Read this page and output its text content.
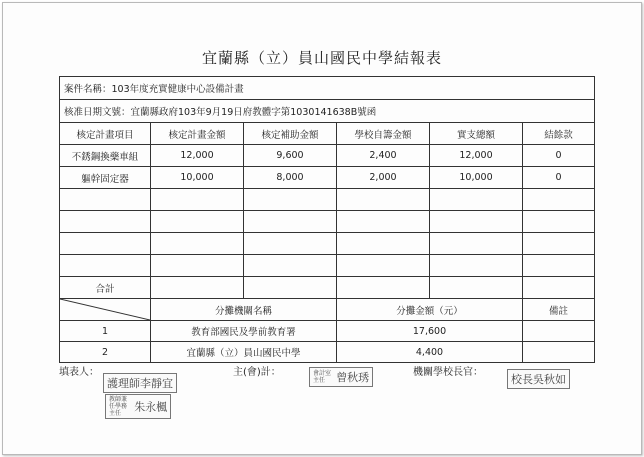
宜蘭縣（立）員山國民中學結報表
案件名稱：103年度充實健康中心設備計畫					
核准日期文號：宜蘭縣政府103年9月19日府教體字第1030141638B號函					
核定計畫項目	核定計畫金額	核定補助金額	學校自籌金額	實支總額	結餘款
不銹鋼換藥車組	12,000	9,600	2,400	12,000	0
軀幹固定器	10,000	8,000	2,000	10,000	0

合計					

	分攤機關名稱		分攤金額（元）		備註
1	教育部國民及學前教育署		17,600		
2	宜蘭縣（立）員山國民中學		4,400		
填表人：
護理師李靜宜
教師兼任學務主任 朱永楓
主(會)計：	會計室主任 曾秋琇	機關學校長官：
校長吳秋如
